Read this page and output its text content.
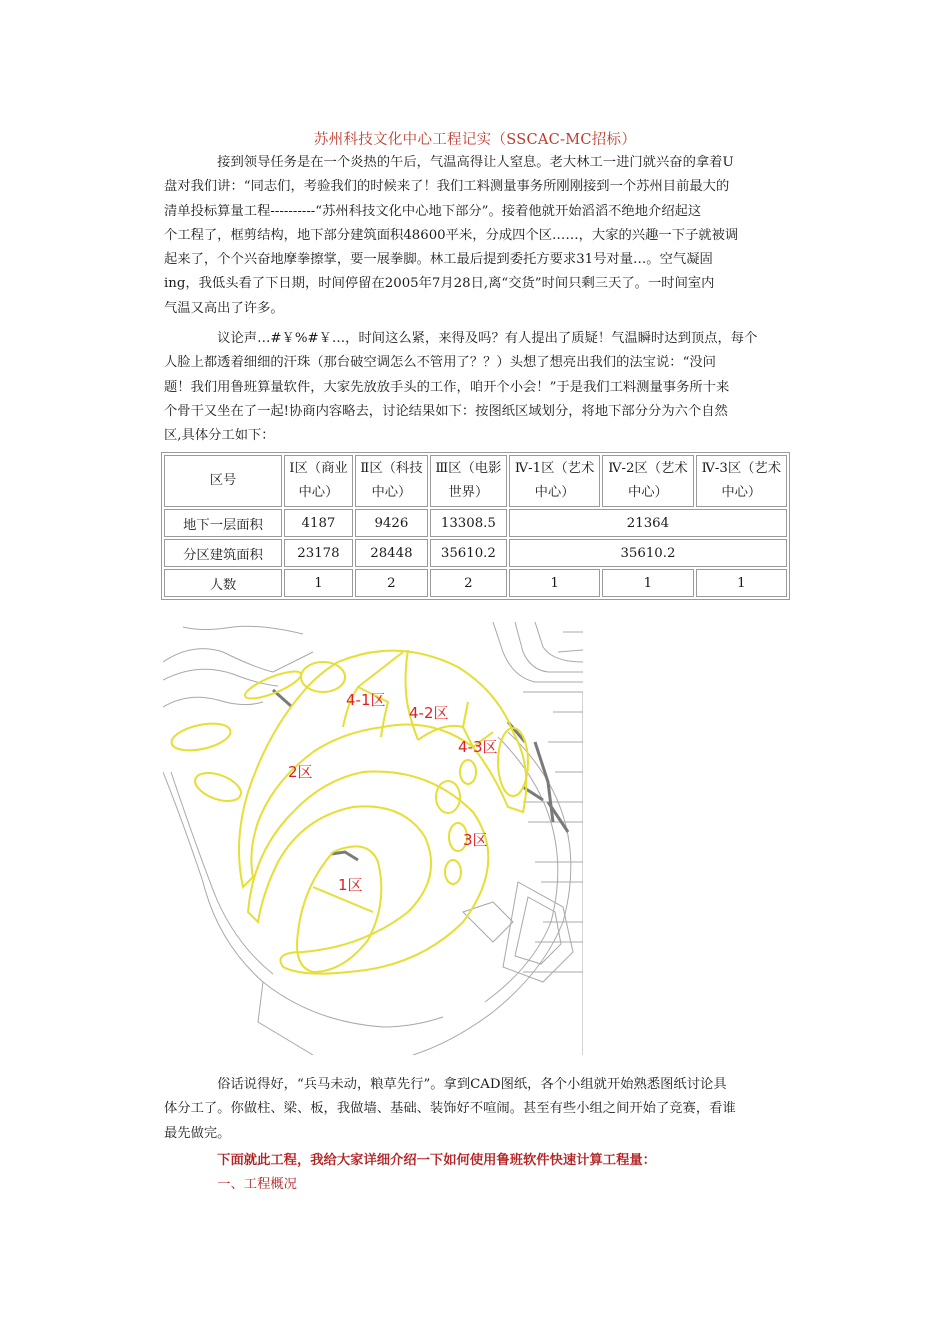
苏州科技文化中心工程记实（SSCAC-MC招标）

　　　　接到领导任务是在一个炎热的午后，气温高得让人窒息。老大林工一进门就兴奋的拿着U
盘对我们讲：“同志们，考验我们的时候来了！我们工料测量事务所刚刚接到一个苏州目前最大的
清单投标算量工程----------“苏州科技文化中心地下部分”。接着他就开始滔滔不绝地介绍起这
个工程了，框剪结构，地下部分建筑面积48600平米，分成四个区……，大家的兴趣一下子就被调
起来了，个个兴奋地摩拳擦掌，要一展拳脚。林工最后提到委托方要求31号对量…。空气凝固
ing，我低头看了下日期，时间停留在2005年7月28日,离“交货”时间只剩三天了。一时间室内
气温又高出了许多。

　　　　议论声…#￥%#￥…，时间这么紧，来得及吗？有人提出了质疑！气温瞬时达到顶点，每个
人脸上都透着细细的汗珠（那台破空调怎么不管用了？？）头想了想亮出我们的法宝说：“没问
题！我们用鲁班算量软件，大家先放放手头的工作，咱开个小会！”于是我们工料测量事务所十来
个骨干又坐在了一起!协商内容略去，讨论结果如下：按图纸区域划分，将地下部分分为六个自然
区,具体分工如下：

区号	Ⅰ区（商业
中心）	Ⅱ区（科技
中心）	Ⅲ区（电影
世界）	Ⅳ-1区（艺术
中心）	Ⅳ-2区（艺术
中心）	Ⅳ-3区（艺术
中心）
地下一层面积	4187	9426	13308.5	21364		
分区建筑面积	23178	28448	35610.2	35610.2		
人数	1	2	2	1	1	1
4-1区
4-2区
4-3区
2区
3区
1区

　　　　俗话说得好，“兵马未动，粮草先行”。拿到CAD图纸，各个小组就开始熟悉图纸讨论具
体分工了。你做柱、梁、板，我做墙、基础、装饰好不喧闹。甚至有些小组之间开始了竞赛，看谁
最先做完。

　　　　下面就此工程，我给大家详细介绍一下如何使用鲁班软件快速计算工程量：

　　　　一、工程概况
